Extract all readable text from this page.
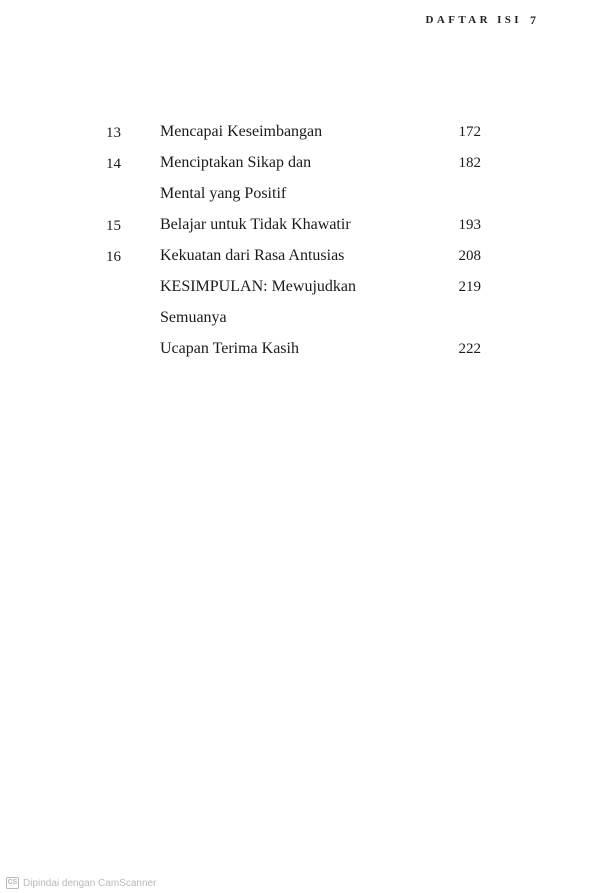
DAFTAR ISI 7
13 Mencapai Keseimbangan	172
14 Menciptakan Sikap dan	182
Mental yang Positif
15 Belajar untuk Tidak Khawatir	193
16 Kekuatan dari Rasa Antusias	208
KESIMPULAN: Mewujudkan	219
Semuanya
Ucapan Terima Kasih	222
CS Dipindai dengan CamScanner
